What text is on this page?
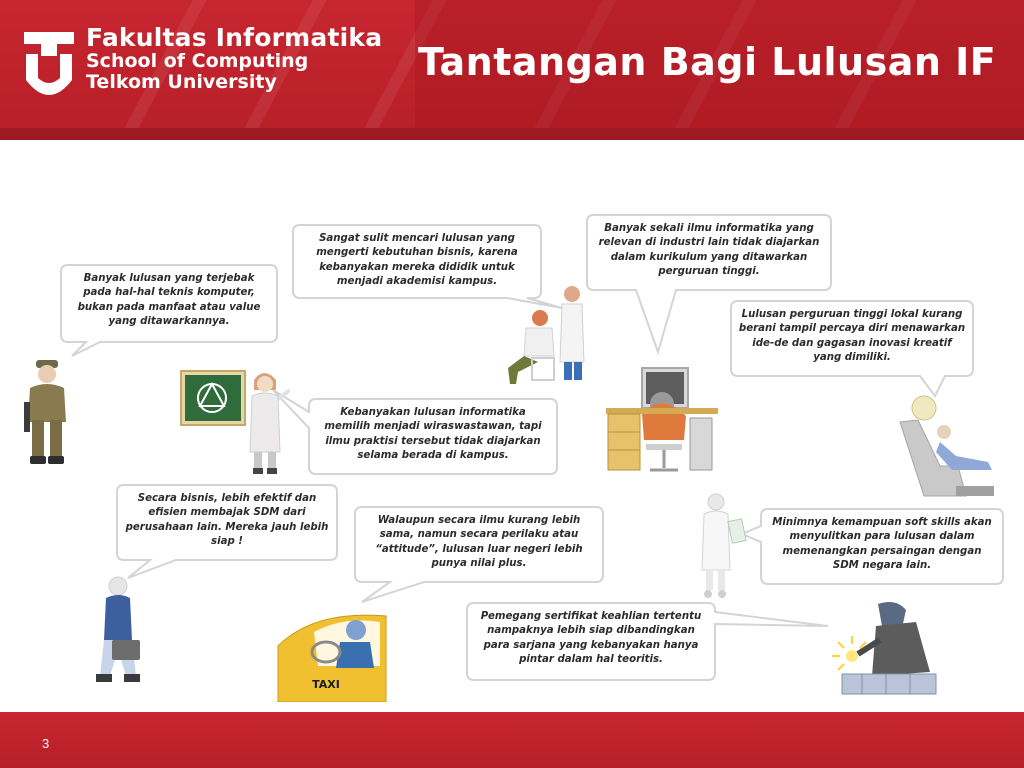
Fakultas Informatika
School of Computing
Telkom University	Tantangan Bagi Lulusan IF
Banyak lulusan yang terjebak pada hal-hal teknis komputer, bukan pada manfaat atau value yang ditawarkannya.
Sangat sulit mencari lulusan yang mengerti kebutuhan bisnis, karena kebanyakan mereka dididik untuk menjadi akademisi kampus.
Banyak sekali ilmu informatika yang relevan di industri lain tidak diajarkan dalam kurikulum yang ditawarkan perguruan tinggi.
Lulusan perguruan tinggi lokal kurang berani tampil percaya diri menawarkan ide-de dan gagasan inovasi kreatif yang dimiliki.
Kebanyakan lulusan informatika memilih menjadi wiraswastawan, tapi ilmu praktisi tersebut tidak diajarkan selama berada di kampus.
Secara bisnis, lebih efektif dan efisien membajak SDM dari perusahaan lain. Mereka jauh lebih siap !
Walaupun secara ilmu kurang lebih sama, namun secara perilaku atau “attitude”, lulusan luar negeri lebih punya nilai plus.
Minimnya kemampuan soft skills akan menyulitkan para lulusan dalam memenangkan persaingan dengan SDM negara lain.
Pemegang sertifikat keahlian tertentu nampaknya lebih siap dibandingkan para sarjana yang kebanyakan hanya pintar dalam hal teoritis.
TAXI
3
